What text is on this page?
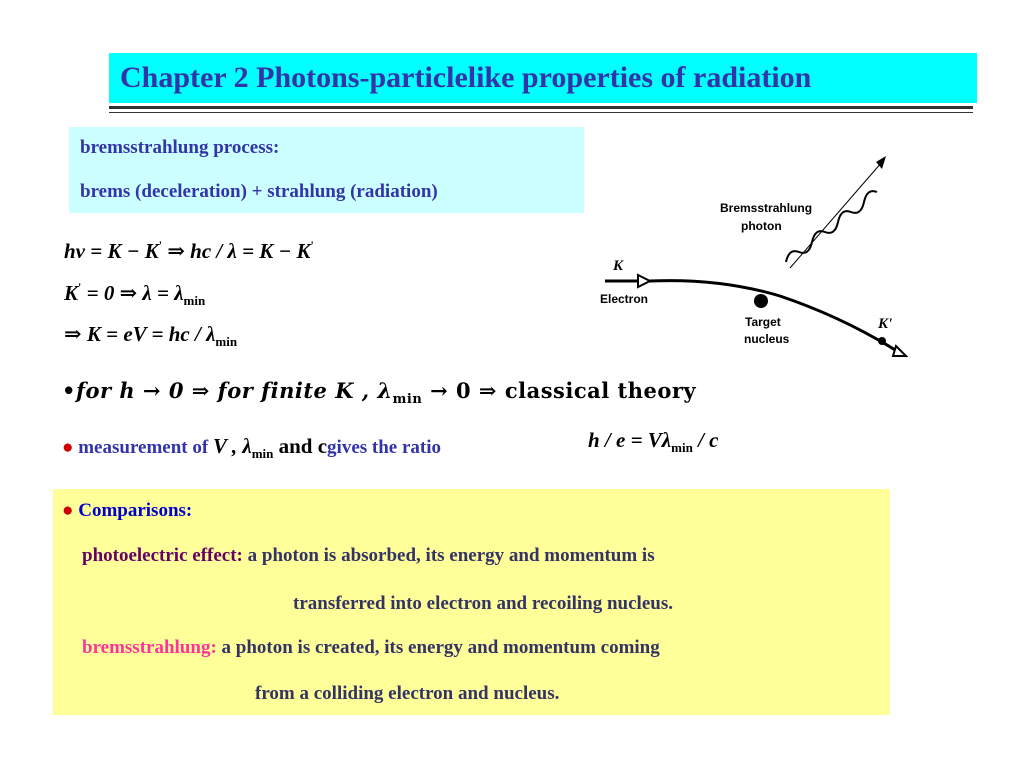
Chapter 2 Photons-particlelike properties of radiation
bremsstrahlung process:
brems (deceleration) + strahlung (radiation)
hν = K − K' ⇒ hc / λ = K − K'
K' = 0 ⇒ $\lambda = \lambda_{min}$
⇒ K = eV = hc / $\lambda_{min}$
•for h → 0 ⇒ for finite K , $\lambda_{min} \to 0$ ⇒ classical theory
● measurement of V , $\lambda_{min}$ and cgives the ratio	$h / e = V\lambda_{min} / c$
Bremsstrahlung
photon
K
Electron
Target
nucleus
K'
● Comparisons:
photoelectric effect: a photon is absorbed, its energy and momentum is
transferred into electron and recoiling nucleus.
bremsstrahlung: a photon is created, its energy and momentum coming
from a colliding electron and nucleus.
